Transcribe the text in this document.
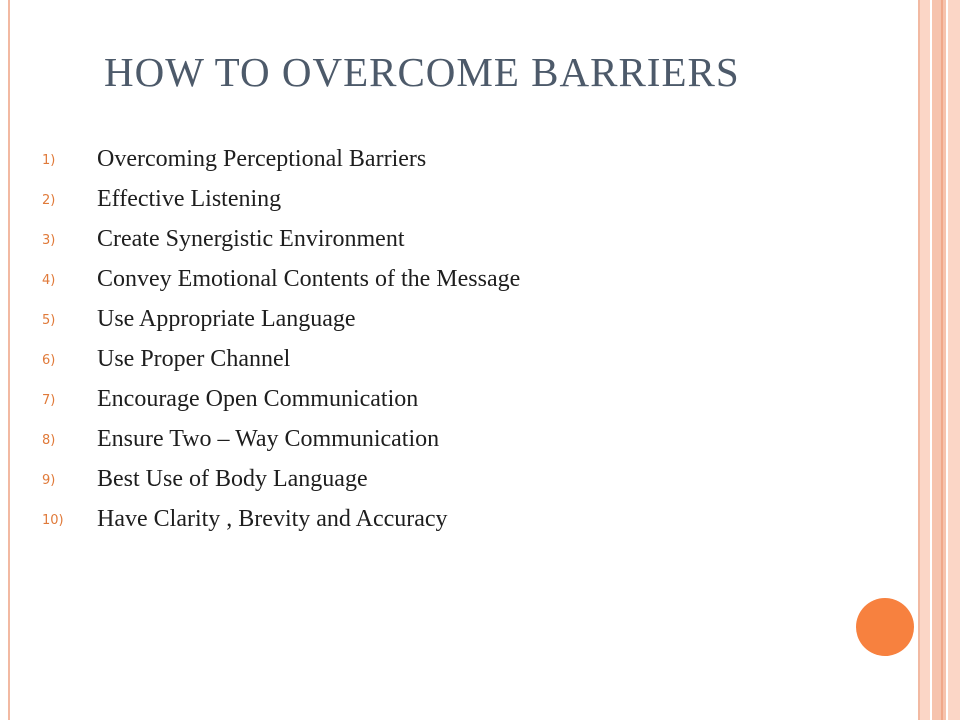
HOW TO OVERCOME BARRIERS
1) Overcoming Perceptional Barriers
2) Effective Listening
3) Create Synergistic Environment
4) Convey Emotional Contents of the Message
5) Use Appropriate Language
6) Use Proper Channel
7) Encourage Open Communication
8) Ensure Two – Way Communication
9) Best Use of Body Language
10) Have Clarity , Brevity and Accuracy
